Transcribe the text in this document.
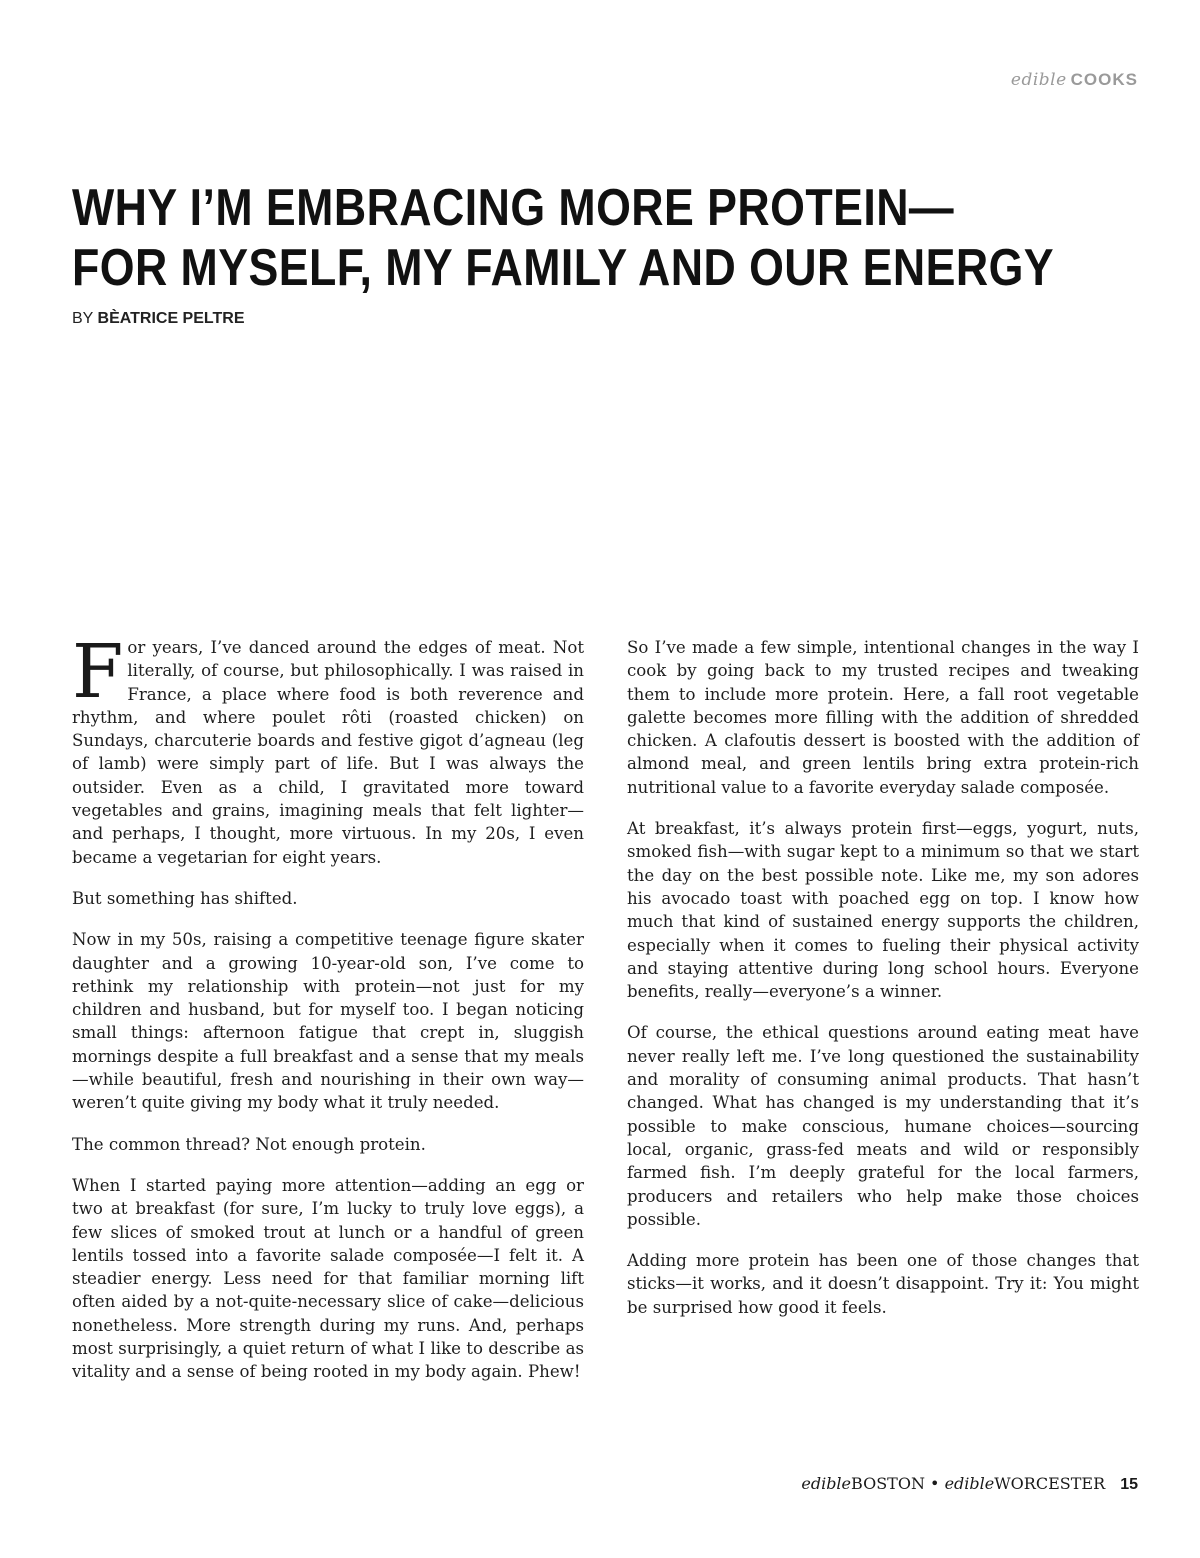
edible COOKS
WHY I’M EMBRACING MORE PROTEIN—
FOR MYSELF, MY FAMILY AND OUR ENERGY
BY BÈATRICE PELTRE

For years, I’ve danced around the edges of meat. Not literally, of course, but philosophically. I was raised in France, a place where food is both reverence and rhythm, and where poulet rôti (roasted chicken) on Sundays, charcuterie boards and festive gigot d’agneau (leg of lamb) were simply part of life. But I was always the outsider. Even as a child, I gravitated more toward vegetables and grains, imagining meals that felt lighter—and perhaps, I thought, more virtuous. In my 20s, I even became a vegetarian for eight years.

But something has shifted.

Now in my 50s, raising a competitive teenage figure skater daughter and a growing 10-year-old son, I’ve come to rethink my relationship with protein—not just for my children and husband, but for myself too. I began noticing small things: afternoon fatigue that crept in, sluggish mornings despite a full breakfast and a sense that my meals—while beautiful, fresh and nourishing in their own way—weren’t quite giving my body what it truly needed.

The common thread? Not enough protein.

When I started paying more attention—adding an egg or two at breakfast (for sure, I’m lucky to truly love eggs), a few slices of smoked trout at lunch or a handful of green lentils tossed into a favorite salade composée—I felt it. A steadier energy. Less need for that familiar morning lift often aided by a not-quite-necessary slice of cake—delicious nonetheless. More strength during my runs. And, perhaps most surprisingly, a quiet return of what I like to describe as vitality and a sense of being rooted in my body again. Phew!

So I’ve made a few simple, intentional changes in the way I cook by going back to my trusted recipes and tweaking them to include more protein. Here, a fall root vegetable galette becomes more filling with the addition of shredded chicken. A clafoutis dessert is boosted with the addition of almond meal, and green lentils bring extra protein-rich nutritional value to a favorite everyday salade composée.

At breakfast, it’s always protein first—eggs, yogurt, nuts, smoked fish—with sugar kept to a minimum so that we start the day on the best possible note. Like me, my son adores his avocado toast with poached egg on top. I know how much that kind of sustained energy supports the children, especially when it comes to fueling their physical activity and staying attentive during long school hours. Everyone benefits, really—everyone’s a winner.

Of course, the ethical questions around eating meat have never really left me. I’ve long questioned the sustainability and morality of consuming animal products. That hasn’t changed. What has changed is my understanding that it’s possible to make conscious, humane choices—sourcing local, organic, grass-fed meats and wild or responsibly farmed fish. I’m deeply grateful for the local farmers, producers and retailers who help make those choices possible.

Adding more protein has been one of those changes that sticks—it works, and it doesn’t disappoint. Try it: You might be surprised how good it feels.

edibleBOSTON • edibleWORCESTER 15
